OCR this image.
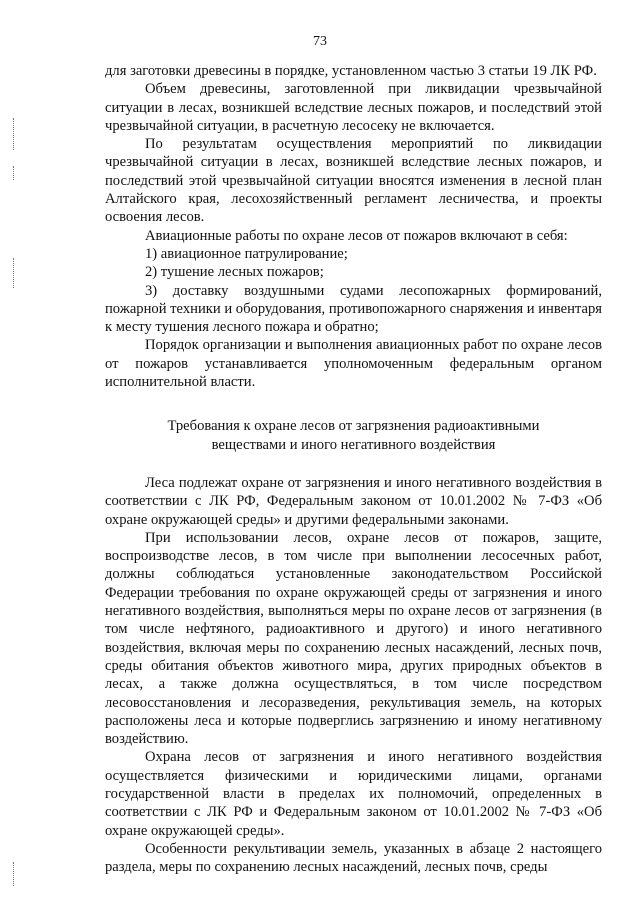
73

для заготовки древесины в порядке, установленном частью 3 статьи 19 ЛК РФ.

Объем древесины, заготовленной при ликвидации чрезвычайной ситуации в лесах, возникшей вследствие лесных пожаров, и последствий этой чрезвычайной ситуации, в расчетную лесосеку не включается.

По результатам осуществления мероприятий по ликвидации чрезвычайной ситуации в лесах, возникшей вследствие лесных пожаров, и последствий этой чрезвычайной ситуации вносятся изменения в лесной план Алтайского края, лесохозяйственный регламент лесничества, и проекты освоения лесов.

Авиационные работы по охране лесов от пожаров включают в себя:

1) авиационное патрулирование;

2) тушение лесных пожаров;

3) доставку воздушными судами лесопожарных формирований, пожарной техники и оборудования, противопожарного снаряжения и инвентаря к месту тушения лесного пожара и обратно;

Порядок организации и выполнения авиационных работ по охране лесов от пожаров устанавливается уполномоченным федеральным органом исполнительной власти.

Требования к охране лесов от загрязнения радиоактивными
веществами и иного негативного воздействия

Леса подлежат охране от загрязнения и иного негативного воздействия в соответствии с ЛК РФ, Федеральным законом от 10.01.2002 № 7-ФЗ «Об охране окружающей среды» и другими федеральными законами.

При использовании лесов, охране лесов от пожаров, защите, воспроизводстве лесов, в том числе при выполнении лесосечных работ, должны соблюдаться установленные законодательством Российской Федерации требования по охране окружающей среды от загрязнения и иного негативного воздействия, выполняться меры по охране лесов от загрязнения (в том числе нефтяного, радиоактивного и другого) и иного негативного воздействия, включая меры по сохранению лесных насаждений, лесных почв, среды обитания объектов животного мира, других природных объектов в лесах, а также должна осуществляться, в том числе посредством лесовосстановления и лесоразведения, рекультивация земель, на которых расположены леса и которые подверглись загрязнению и иному негативному воздействию.

Охрана лесов от загрязнения и иного негативного воздействия осуществляется физическими и юридическими лицами, органами государственной власти в пределах их полномочий, определенных в соответствии с ЛК РФ и Федеральным законом от 10.01.2002 № 7-ФЗ «Об охране окружающей среды».

Особенности рекультивации земель, указанных в абзаце 2 настоящего раздела, меры по сохранению лесных насаждений, лесных почв, среды
